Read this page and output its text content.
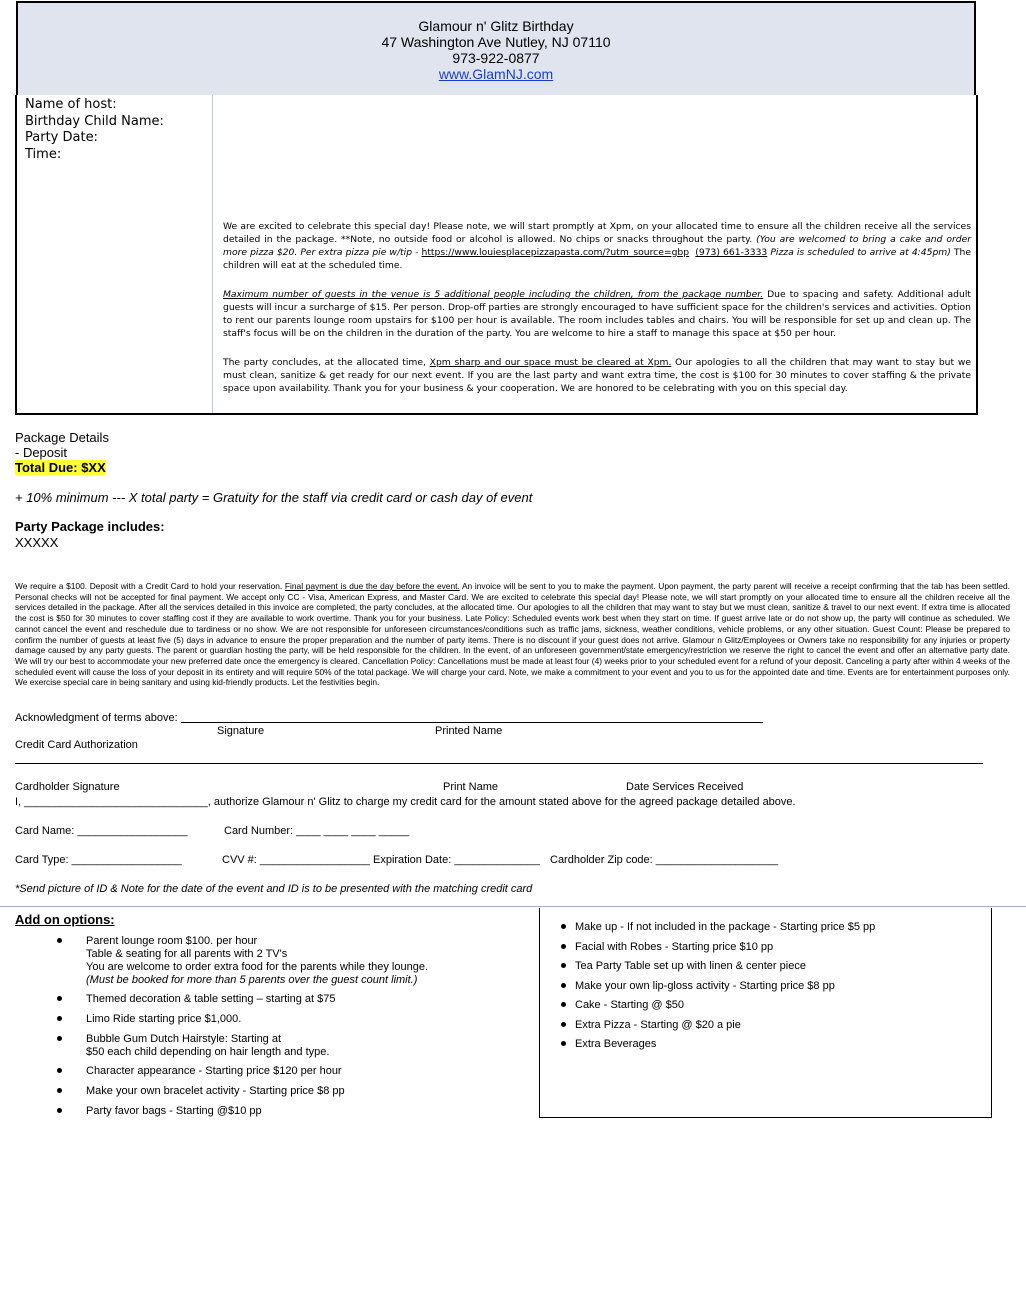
Glamour n' Glitz Birthday
47 Washington Ave Nutley, NJ 07110
973-922-0877
www.GlamNJ.com
Name of host:
Birthday Child Name:
Party Date:
Time:

We are excited to celebrate this special day! Please note, we will start promptly at Xpm, on your allocated time to ensure all the children receive all the services detailed in the package. **Note, no outside food or alcohol is allowed. No chips or snacks throughout the party. (You are welcomed to bring a cake and order more pizza $20. Per extra pizza pie w/tip - https://www.louiesplacepizzapasta.com/?utm_source=gbp (973) 661-3333 Pizza is scheduled to arrive at 4:45pm) The children will eat at the scheduled time.

Maximum number of guests in the venue is 5 additional people including the children, from the package number. Due to spacing and safety. Additional adult guests will incur a surcharge of $15. Per person. Drop-off parties are strongly encouraged to have sufficient space for the children's services and activities. Option to rent our parents lounge room upstairs for $100 per hour is available. The room includes tables and chairs. You will be responsible for set up and clean up. The staff's focus will be on the children in the duration of the party. You are welcome to hire a staff to manage this space at $50 per hour.

The party concludes, at the allocated time, Xpm sharp and our space must be cleared at Xpm. Our apologies to all the children that may want to stay but we must clean, sanitize & get ready for our next event. If you are the last party and want extra time, the cost is $100 for 30 minutes to cover staffing & the private space upon availability. Thank you for your business & your cooperation. We are honored to be celebrating with you on this special day.

Package Details
- Deposit
Total Due: $XX
+ 10% minimum --- X total party = Gratuity for the staff via credit card or cash day of event
Party Package includes:
XXXXX
We require a $100. Deposit with a Credit Card to hold your reservation. Final payment is due the day before the event. An invoice will be sent to you to make the payment. Upon payment, the party parent will receive a receipt confirming that the tab has been settled. Personal checks will not be accepted for final payment. We accept only CC - Visa, American Express, and Master Card. We are excited to celebrate this special day! Please note, we will start promptly on your allocated time to ensure all the children receive all the services detailed in the package. After all the services detailed in this invoice are completed, the party concludes, at the allocated time. Our apologies to all the children that may want to stay but we must clean, sanitize & travel to our next event. If extra time is allocated the cost is $50 for 30 minutes to cover staffing cost if they are available to work overtime. Thank you for your business. Late Policy: Scheduled events work best when they start on time. If guest arrive late or do not show up, the party will continue as scheduled. We cannot cancel the event and reschedule due to tardiness or no show. We are not responsible for unforeseen circumstances/conditions such as traffic jams, sickness, weather conditions, vehicle problems, or any other situation. Guest Count: Please be prepared to confirm the number of guests at least five (5) days in advance to ensure the proper preparation and the number of party items. There is no discount if your guest does not arrive. Glamour n Glitz/Employees or Owners take no responsibility for any injuries or property damage caused by any party guests. The parent or guardian hosting the party, will be held responsible for the children. In the event, of an unforeseen government/state emergency/restriction we reserve the right to cancel the event and offer an alternative party date. We will try our best to accommodate your new preferred date once the emergency is cleared. Cancellation Policy: Cancellations must be made at least four (4) weeks prior to your scheduled event for a refund of your deposit. Canceling a party after within 4 weeks of the scheduled event will cause the loss of your deposit in its entirety and will require 50% of the total package. We will charge your card. Note, we make a commitment to your event and you to us for the appointed date and time. Events are for entertainment purposes only. We exercise special care in being sanitary and using kid-friendly products. Let the festivities begin.
Acknowledgment of terms above:
Signature	Printed Name
Credit Card Authorization
Cardholder Signature	Print Name	Date Services Received
I, ______________________________, authorize Glamour n' Glitz to charge my credit card for the amount stated above for the agreed package detailed above.
Card Name: __________________	Card Number: ____ ____ ____ _____
Card Type: __________________	CVV #: __________________ Expiration Date: ______________ Cardholder Zip code: ____________________
*Send picture of ID & Note for the date of the event and ID is to be presented with the matching credit card
Add on options:
Parent lounge room $100. per hour
Table & seating for all parents with 2 TV's
You are welcome to order extra food for the parents while they lounge.
(Must be booked for more than 5 parents over the guest count limit.)
Themed decoration & table setting – starting at $75
Limo Ride starting price $1,000.
Bubble Gum Dutch Hairstyle: Starting at
$50 each child depending on hair length and type.
Character appearance - Starting price $120 per hour
Make your own bracelet activity - Starting price $8 pp
Party favor bags - Starting @$10 pp
Make up - If not included in the package - Starting price $5 pp
Facial with Robes - Starting price $10 pp
Tea Party Table set up with linen & center piece
Make your own lip-gloss activity - Starting price $8 pp
Cake - Starting @ $50
Extra Pizza - Starting @ $20 a pie
Extra Beverages
